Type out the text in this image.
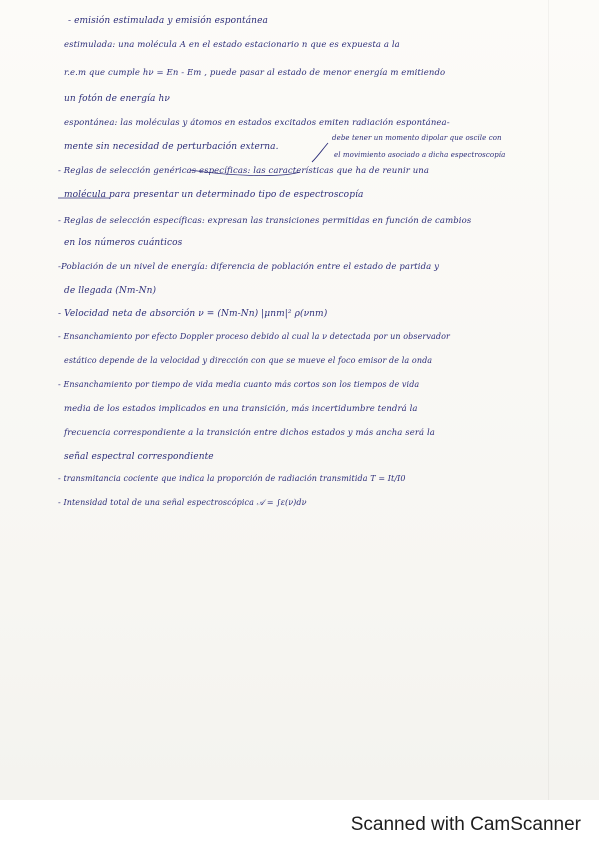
- emisión estimulada y emisión espontánea
estimulada: una molécula A en el estado estacionario n que es expuesta a la
r.e.m que cumple hν = En - Em , puede pasar al estado de menor energía m emitiendo
un fotón de energía hν
espontánea: las moléculas y átomos en estados excitados emiten radiación espontánea-
mente sin necesidad de perturbación externa.
debe tener un momento dipolar que oscile con
el movimiento asociado a dicha espectroscopía
- Reglas de selección genéricas específicas: las características que ha de reunir una
molécula para presentar un determinado tipo de espectroscopía
- Reglas de selección específicas: expresan las transiciones permitidas en función de cambios
en los números cuánticos
-Población de un nivel de energía: diferencia de población entre el estado de partida y
de llegada (Nm-Nn)
- Velocidad neta de absorción ν = (Nm-Nn) |μnm|² ρ(νnm)
- Ensanchamiento por efecto Doppler proceso debido al cual la ν detectada por un observador
estático depende de la velocidad y dirección con que se mueve el foco emisor de la onda
- Ensanchamiento por tiempo de vida media cuanto más cortos son los tiempos de vida
media de los estados implicados en una transición, más incertidumbre tendrá la
frecuencia correspondiente a la transición entre dichos estados y más ancha será la
señal espectral correspondiente
- transmitancia cociente que indica la proporción de radiación transmitida T = It/I0
- Intensidad total de una señal espectroscópica 𝒜 = ∫ε(ν)dν
Scanned with CamScanner
